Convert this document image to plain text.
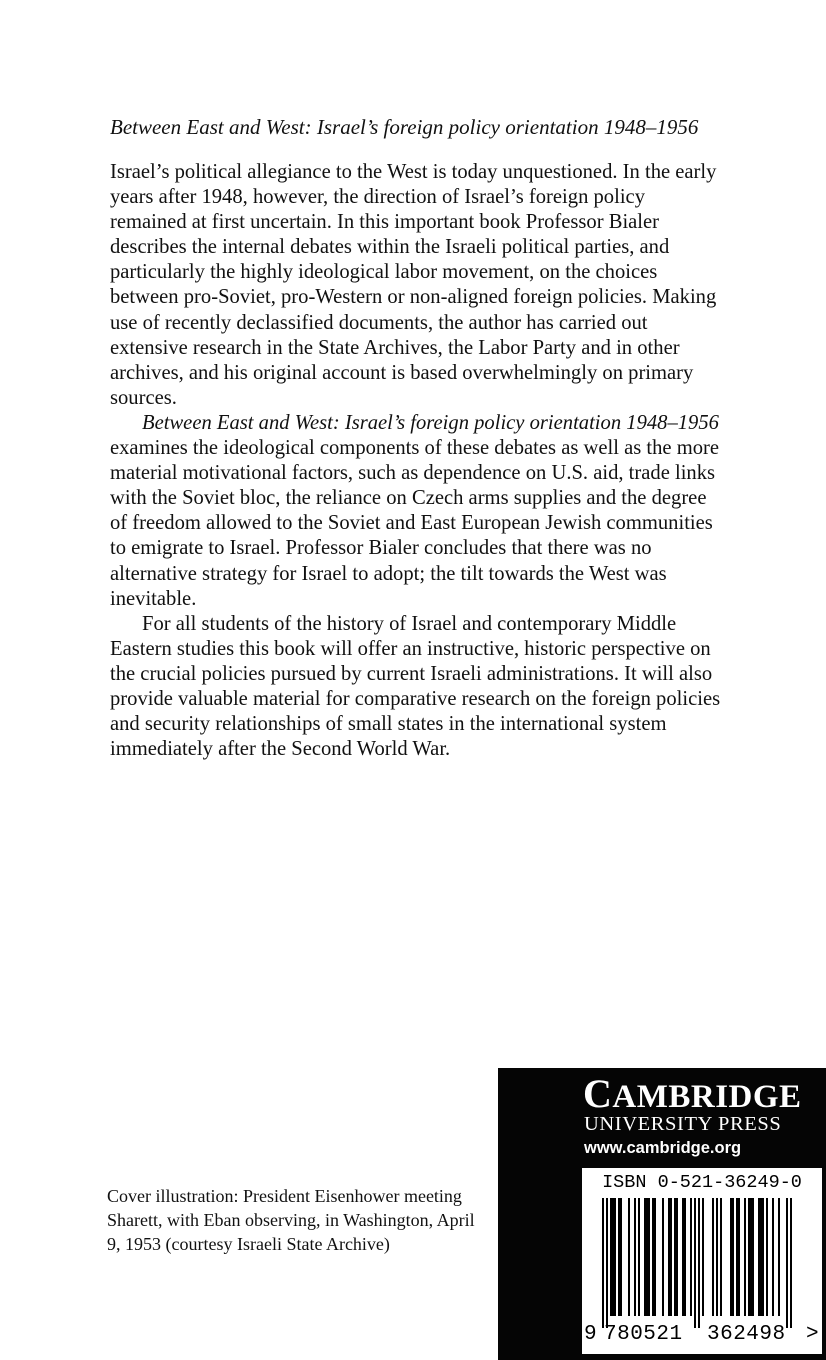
Between East and West: Israel’s foreign policy orientation 1948–1956

Israel’s political allegiance to the West is today unquestioned. In the early years after 1948, however, the direction of Israel’s foreign policy remained at first uncertain. In this important book Professor Bialer describes the internal debates within the Israeli political parties, and particularly the highly ideological labor movement, on the choices between pro-Soviet, pro-Western or non-aligned foreign policies. Making use of recently declassified documents, the author has carried out extensive research in the State Archives, the Labor Party and in other archives, and his original account is based overwhelmingly on primary sources.

Between East and West: Israel’s foreign policy orientation 1948–1956 examines the ideological components of these debates as well as the more material motivational factors, such as dependence on U.S. aid, trade links with the Soviet bloc, the reliance on Czech arms supplies and the degree of freedom allowed to the Soviet and East European Jewish communities to emigrate to Israel. Professor Bialer concludes that there was no alternative strategy for Israel to adopt; the tilt towards the West was inevitable.

For all students of the history of Israel and contemporary Middle Eastern studies this book will offer an instructive, historic perspective on the crucial policies pursued by current Israeli administrations. It will also provide valuable material for comparative research on the foreign policies and security relationships of small states in the international system immediately after the Second World War.

Cover illustration: President Eisenhower meeting Sharett, with Eban observing, in Washington, April 9, 1953 (courtesy Israeli State Archive)

CAMBRIDGE
UNIVERSITY PRESS
www.cambridge.org
ISBN 0-521-36249-0
9 780521 362498 >
